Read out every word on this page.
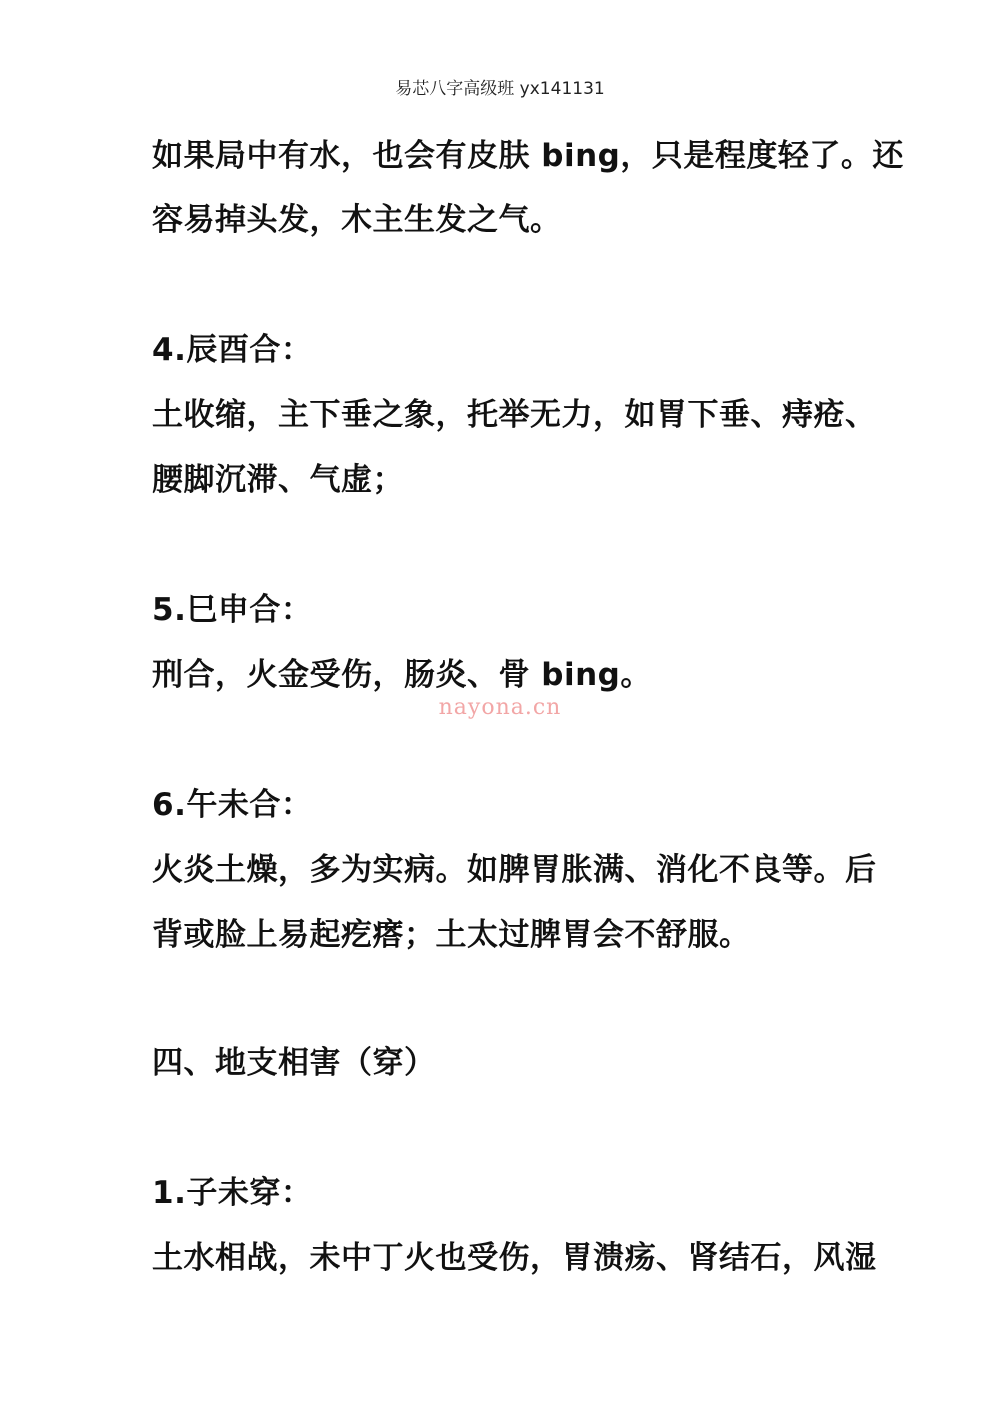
易芯八字高级班 yx141131
如果局中有水，也会有皮肤 bing，只是程度轻了。还
容易掉头发，木主生发之气。
4.辰酉合：
土收缩，主下垂之象，托举无力，如胃下垂、痔疮、
腰脚沉滞、气虚；
5.巳申合：
刑合，火金受伤，肠炎、骨 bing。
nayona.cn
6.午未合：
火炎土燥，多为实病。如脾胃胀满、消化不良等。后
背或脸上易起疙瘩；土太过脾胃会不舒服。
四、地支相害（穿）
1.子未穿：
土水相战，未中丁火也受伤，胃溃疡、肾结石，风湿
